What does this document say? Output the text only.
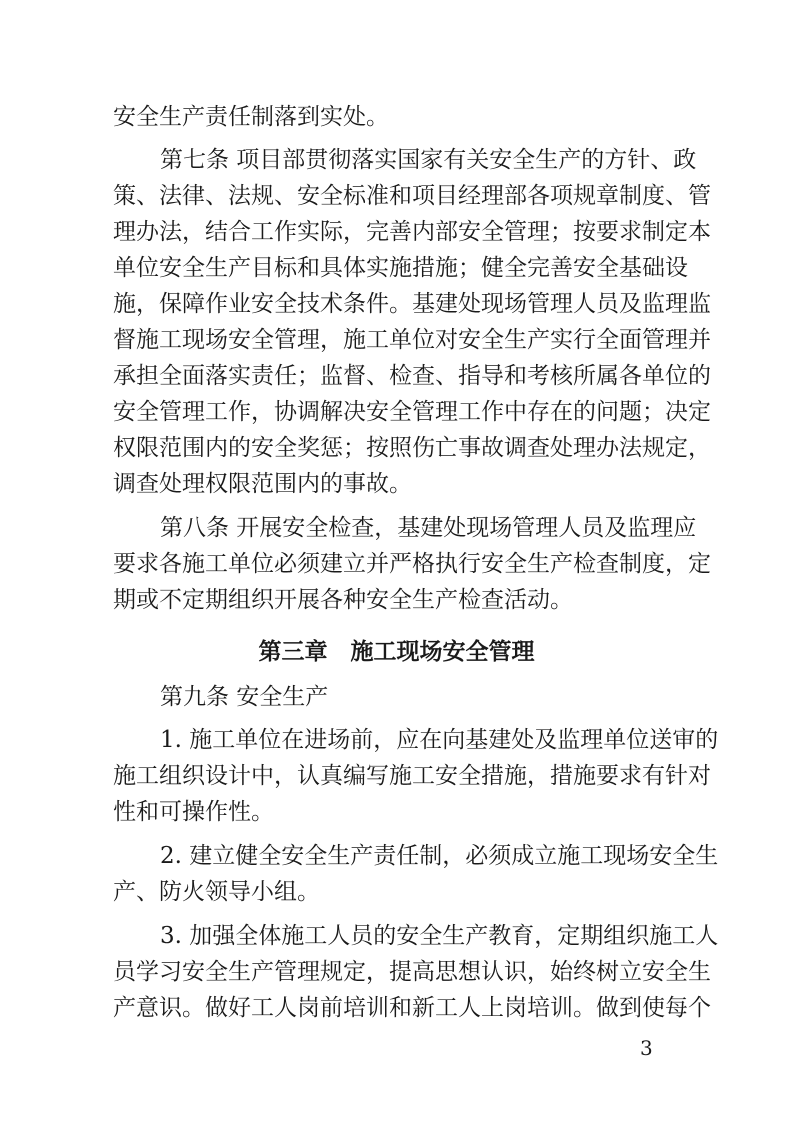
安全生产责任制落到实处。
第七条 项目部贯彻落实国家有关安全生产的方针、政
策、法律、法规、安全标准和项目经理部各项规章制度、管
理办法，结合工作实际，完善内部安全管理；按要求制定本
单位安全生产目标和具体实施措施；健全完善安全基础设
施，保障作业安全技术条件。基建处现场管理人员及监理监
督施工现场安全管理，施工单位对安全生产实行全面管理并
承担全面落实责任；监督、检查、指导和考核所属各单位的
安全管理工作，协调解决安全管理工作中存在的问题；决定
权限范围内的安全奖惩；按照伤亡事故调查处理办法规定，
调查处理权限范围内的事故。
第八条 开展安全检查，基建处现场管理人员及监理应
要求各施工单位必须建立并严格执行安全生产检查制度，定
期或不定期组织开展各种安全生产检查活动。
第三章　施工现场安全管理
第九条 安全生产
1. 施工单位在进场前，应在向基建处及监理单位送审的
施工组织设计中，认真编写施工安全措施，措施要求有针对
性和可操作性。
2. 建立健全安全生产责任制，必须成立施工现场安全生
产、防火领导小组。
3. 加强全体施工人员的安全生产教育，定期组织施工人
员学习安全生产管理规定，提高思想认识，始终树立安全生
产意识。做好工人岗前培训和新工人上岗培训。做到使每个
3
